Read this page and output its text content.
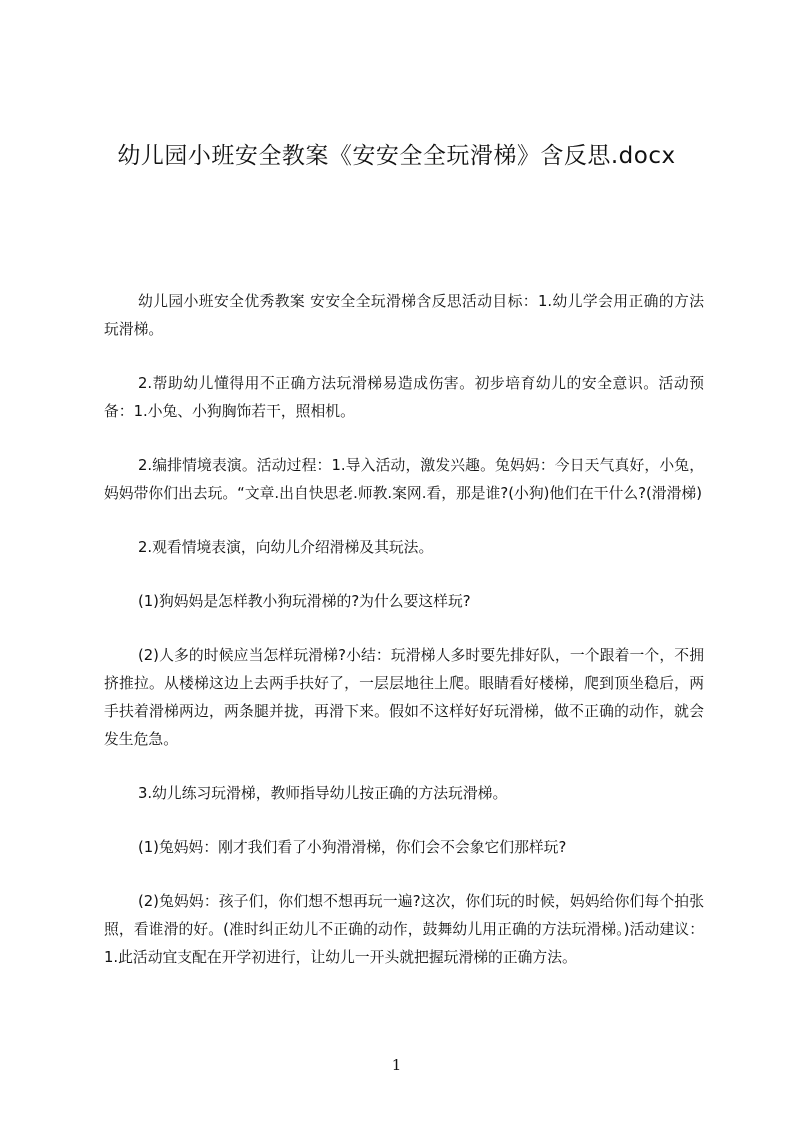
幼儿园小班安全教案《安安全全玩滑梯》含反思.docx

幼儿园小班安全优秀教案 安安全全玩滑梯含反思活动目标：1.幼儿学会用正确的方法玩滑梯。

2.帮助幼儿懂得用不正确方法玩滑梯易造成伤害。初步培育幼儿的安全意识。活动预备：1.小兔、小狗胸饰若干，照相机。

2.编排情境表演。活动过程：1.导入活动，激发兴趣。兔妈妈：今日天气真好，小兔，妈妈带你们出去玩。“文章.出自快思老.师教.案网.看，那是谁?(小狗)他们在干什么?(滑滑梯)

2.观看情境表演，向幼儿介绍滑梯及其玩法。

(1)狗妈妈是怎样教小狗玩滑梯的?为什么要这样玩?

(2)人多的时候应当怎样玩滑梯?小结：玩滑梯人多时要先排好队，一个跟着一个，不拥挤推拉。从楼梯这边上去两手扶好了，一层层地往上爬。眼睛看好楼梯，爬到顶坐稳后，两手扶着滑梯两边，两条腿并拢，再滑下来。假如不这样好好玩滑梯，做不正确的动作，就会发生危急。

3.幼儿练习玩滑梯，教师指导幼儿按正确的方法玩滑梯。

(1)兔妈妈：刚才我们看了小狗滑滑梯，你们会不会象它们那样玩?

(2)兔妈妈：孩子们，你们想不想再玩一遍?这次，你们玩的时候，妈妈给你们每个拍张照，看谁滑的好。(准时纠正幼儿不正确的动作，鼓舞幼儿用正确的方法玩滑梯。)活动建议：1.此活动宜支配在开学初进行，让幼儿一开头就把握玩滑梯的正确方法。

1
